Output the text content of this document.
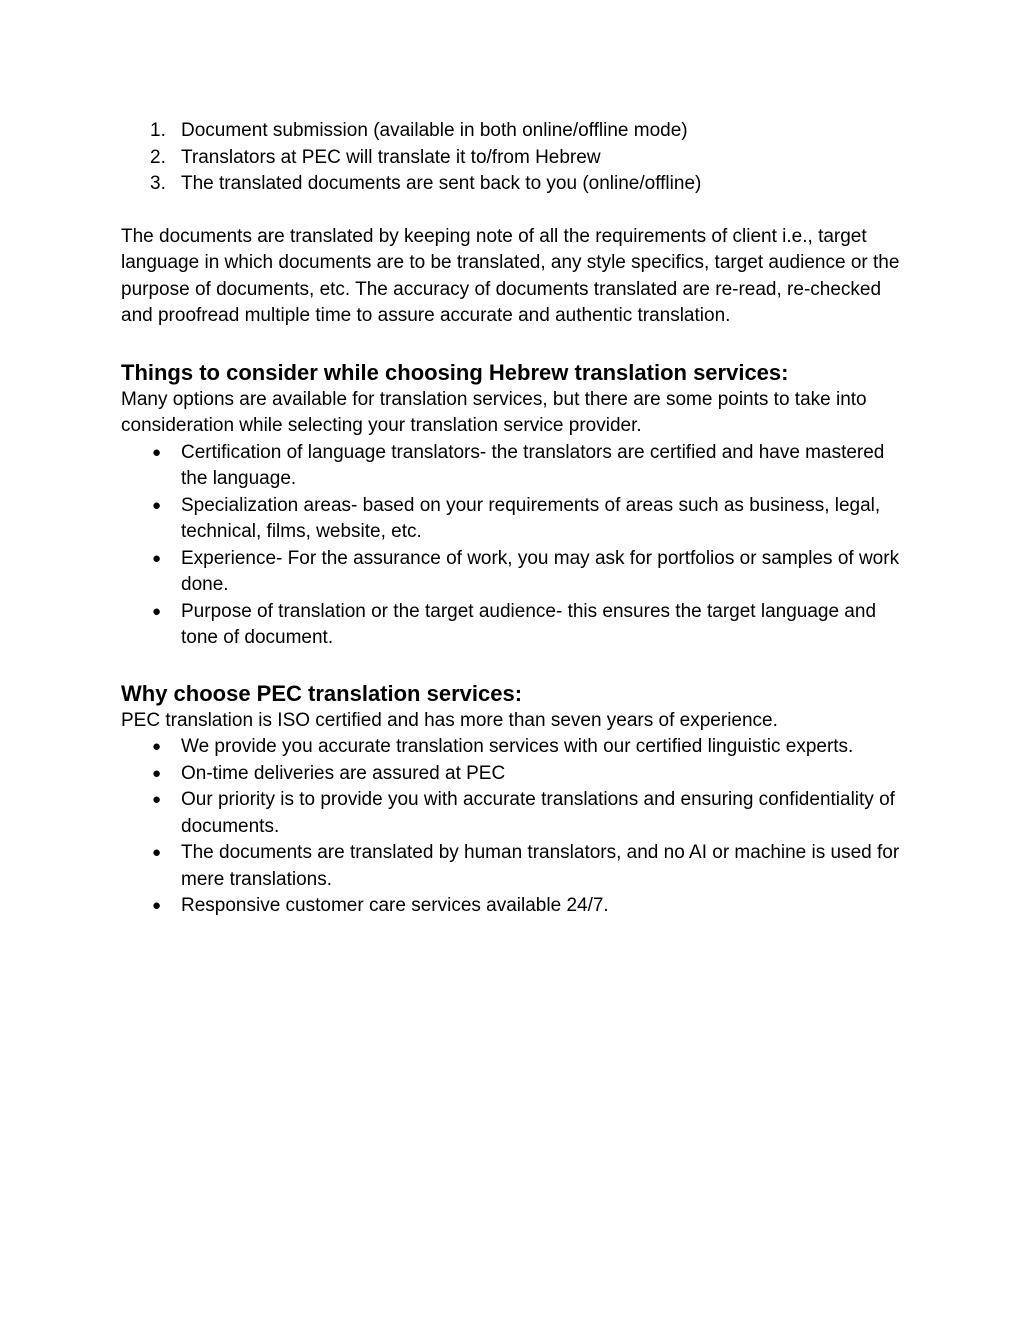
1. Document submission (available in both online/offline mode)
2. Translators at PEC will translate it to/from Hebrew
3. The translated documents are sent back to you (online/offline)

The documents are translated by keeping note of all the requirements of client i.e., target language in which documents are to be translated, any style specifics, target audience or the purpose of documents, etc. The accuracy of documents translated are re-read, re-checked and proofread multiple time to assure accurate and authentic translation.

Things to consider while choosing Hebrew translation services:

Many options are available for translation services, but there are some points to take into consideration while selecting your translation service provider.

● Certification of language translators- the translators are certified and have mastered the language.
● Specialization areas- based on your requirements of areas such as business, legal, technical, films, website, etc.
● Experience- For the assurance of work, you may ask for portfolios or samples of work done.
● Purpose of translation or the target audience- this ensures the target language and tone of document.
Why choose PEC translation services:

PEC translation is ISO certified and has more than seven years of experience.

● We provide you accurate translation services with our certified linguistic experts.
● On-time deliveries are assured at PEC
● Our priority is to provide you with accurate translations and ensuring confidentiality of documents.
● The documents are translated by human translators, and no AI or machine is used for mere translations.
● Responsive customer care services available 24/7.
